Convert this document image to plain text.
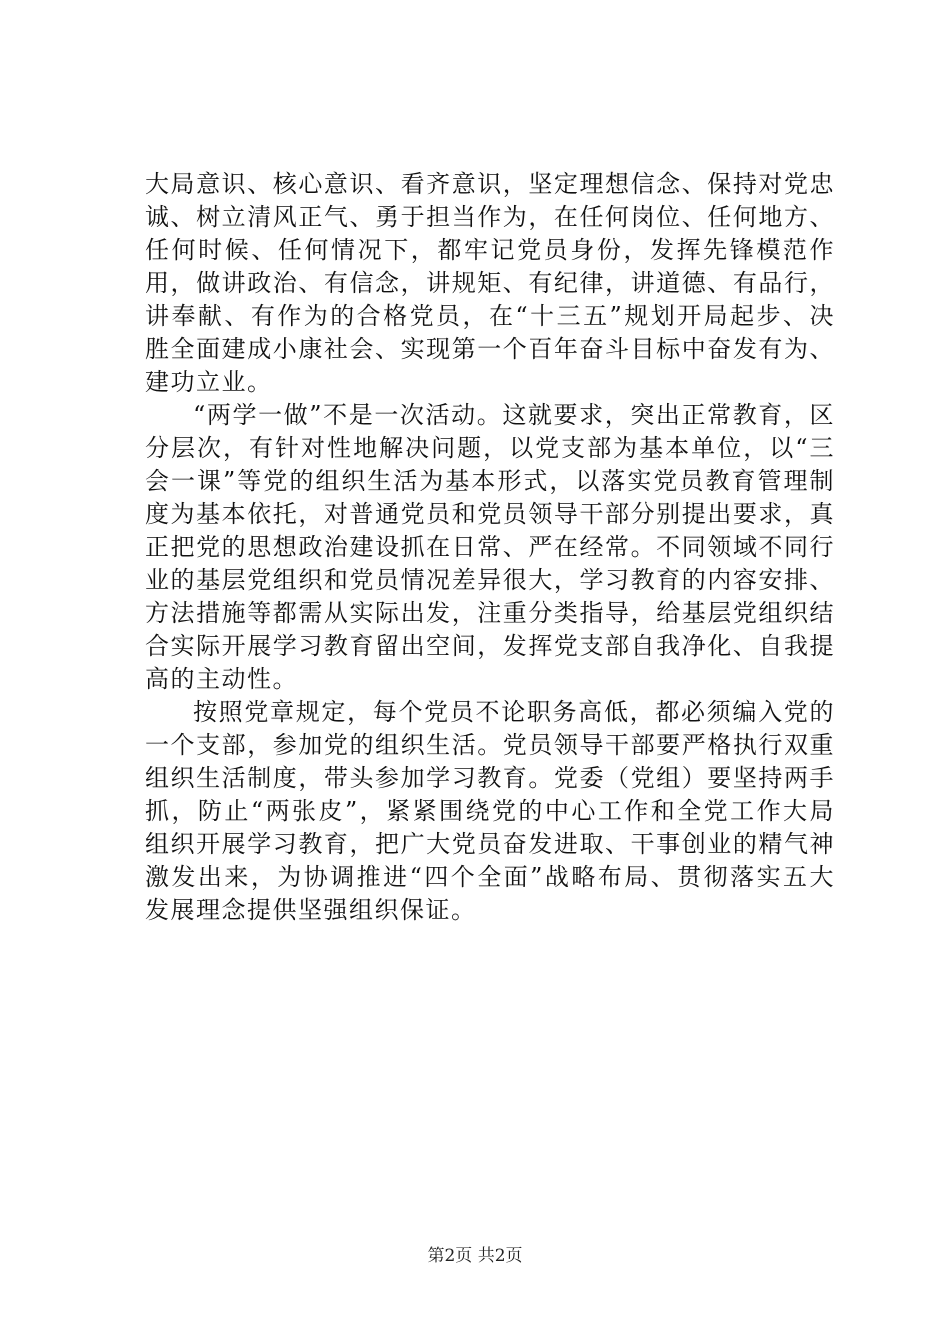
大局意识、核心意识、看齐意识，坚定理想信念、保持对党忠诚、树立清风正气、勇于担当作为，在任何岗位、任何地方、任何时候、任何情况下，都牢记党员身份，发挥先锋模范作用，做讲政治、有信念，讲规矩、有纪律，讲道德、有品行，讲奉献、有作为的合格党员，在“十三五”规划开局起步、决胜全面建成小康社会、实现第一个百年奋斗目标中奋发有为、建功立业。

“两学一做”不是一次活动。这就要求，突出正常教育，区分层次，有针对性地解决问题，以党支部为基本单位，以“三会一课”等党的组织生活为基本形式，以落实党员教育管理制度为基本依托，对普通党员和党员领导干部分别提出要求，真正把党的思想政治建设抓在日常、严在经常。不同领域不同行业的基层党组织和党员情况差异很大，学习教育的内容安排、方法措施等都需从实际出发，注重分类指导，给基层党组织结合实际开展学习教育留出空间，发挥党支部自我净化、自我提高的主动性。

按照党章规定，每个党员不论职务高低，都必须编入党的一个支部，参加党的组织生活。党员领导干部要严格执行双重组织生活制度，带头参加学习教育。党委（党组）要坚持两手抓，防止“两张皮”，紧紧围绕党的中心工作和全党工作大局组织开展学习教育，把广大党员奋发进取、干事创业的精气神激发出来，为协调推进“四个全面”战略布局、贯彻落实五大发展理念提供坚强组织保证。

第2页 共2页
